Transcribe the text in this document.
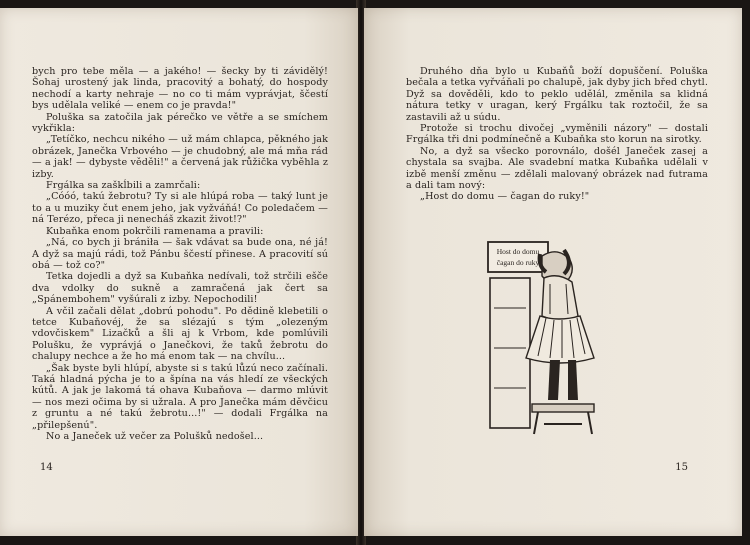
bych pro tebe měla — a jakého! — šecky by ti závidělý! Šohaj urostený jak linda, pracovitý a bohatý, do hospody nechodí a karty nehraje — no co ti mám vyprávjat, ščestí bys udělala veliké — enem co je pravda!"

Poluška sa zatočila jak pérečko ve větře a se smíchem vykřikla:

„Tetíčko, nechcu nikého — už mám chlapca, pěkného jak obrázek, Janečka Vrbového — je chudobný, ale má mňa rád — a jak! — dybyste věděli!" a červená jak růžička vyběhla z izby.

Frgálka sa zaškĺbili a zamrčali:

„Cóóó, takú žebrotu? Ty si ale hlúpá roba — taký lunt je to a u muziky čut enem jeho, jak vyžváňá! Co poledačem — ná Terézo, přeca ji nenecháš zkazit život!?"

Kubaňka enom pokrčili ramenama a pravili:

„Ná, co bych ji brániła — šak vdávat sa bude ona, né já! A dyž sa majú rádi, tož Pánbu ščestí přinese. A pracovití sú obá — tož co?"

Tetka dojedli a dyž sa Kubaňka nedívali, tož strčili ešče dva vdolky do sukně a zamračená jak čert sa „Spánembohem" vyšúrali z izby. Nepochodili!

A včil začali dělat „dobrú pohodu". Po dědině klebetili o tetce Kubaňovéj, že sa slézajú s tým „olezeným vdovčiskem" Lizačků a šli aj k Vrbom, kde pomlúvili Polušku, že vyprávjá o Janečkovi, že taků žebrotu do chalupy nechce a že ho má enom tak — na chvílu...

„Šak byste byli hlúpí, abyste si s takú lůzú neco začínali. Taká hladná pýcha je to a špína na vás hledí ze všeckých kútů. A jak je lakomá tá ohava Kubaňova — darmo mlúvit — nos mezi očima by si užrala. A pro Janečka mám děvčicu z gruntu a né takú žebrotu...!" — dodali Frgálka na „přilepšenú".

No a Janeček už večer za Polušků nedošel...

14

Druhého dňa bylo u Kubaňů boží dopuščení. Poluška bečala a tetka vyřváňali po chalupě, jak dyby jich břed chytl. Dyž sa dověděli, kdo to peklo udělál, změnila sa klidná nátura tetky v uragan, kerý Frgálku tak roztočil, že sa zastavili až u súdu.

Protože si trochu divočej „vyměnili názory" — dostali Frgálka tři dni podmínečně a Kubaňka sto korun na sirotky.

No, a dyž sa všecko porovnálo, došél Janeček zasej a chystala sa svajba. Ale svadební matka Kubaňka udělali v izbě menší změnu — zdělali malovaný obrázek nad futrama a dali tam nový:

„Host do domu — čagan do ruky!"

Host do domu
čagan do ruky
15
